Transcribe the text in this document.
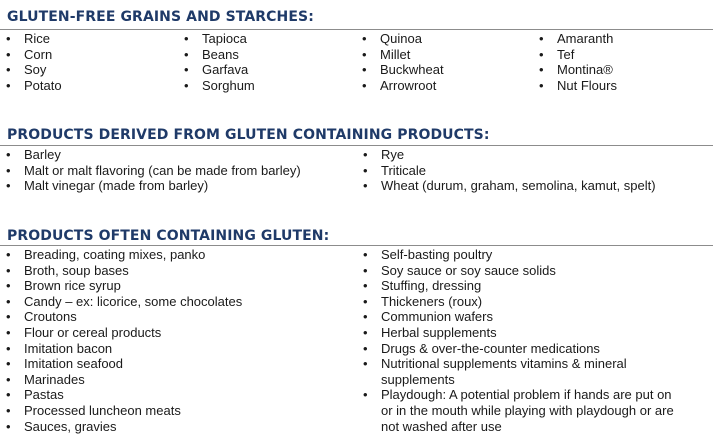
GLUTEN-FREE GRAINS AND STARCHES:
• Rice
• Corn
• Soy
• Potato
• Tapioca
• Beans
• Garfava
• Sorghum
• Quinoa
• Millet
• Buckwheat
• Arrowroot
• Amaranth
• Tef
• Montina®
• Nut Flours
PRODUCTS DERIVED FROM GLUTEN CONTAINING PRODUCTS:
• Barley
• Malt or malt flavoring (can be made from barley)
• Malt vinegar (made from barley)
• Rye
• Triticale
• Wheat (durum, graham, semolina, kamut, spelt)
PRODUCTS OFTEN CONTAINING GLUTEN:
• Breading, coating mixes, panko
• Broth, soup bases
• Brown rice syrup
• Candy – ex: licorice, some chocolates
• Croutons
• Flour or cereal products
• Imitation bacon
• Imitation seafood
• Marinades
• Pastas
• Processed luncheon meats
• Sauces, gravies
• Self-basting poultry
• Soy sauce or soy sauce solids
• Stuffing, dressing
• Thickeners (roux)
• Communion wafers
• Herbal supplements
• Drugs & over-the-counter medications
• Nutritional supplements vitamins & mineral supplements
• Playdough: A potential problem if hands are put on or in the mouth while playing with playdough or are not washed after use
